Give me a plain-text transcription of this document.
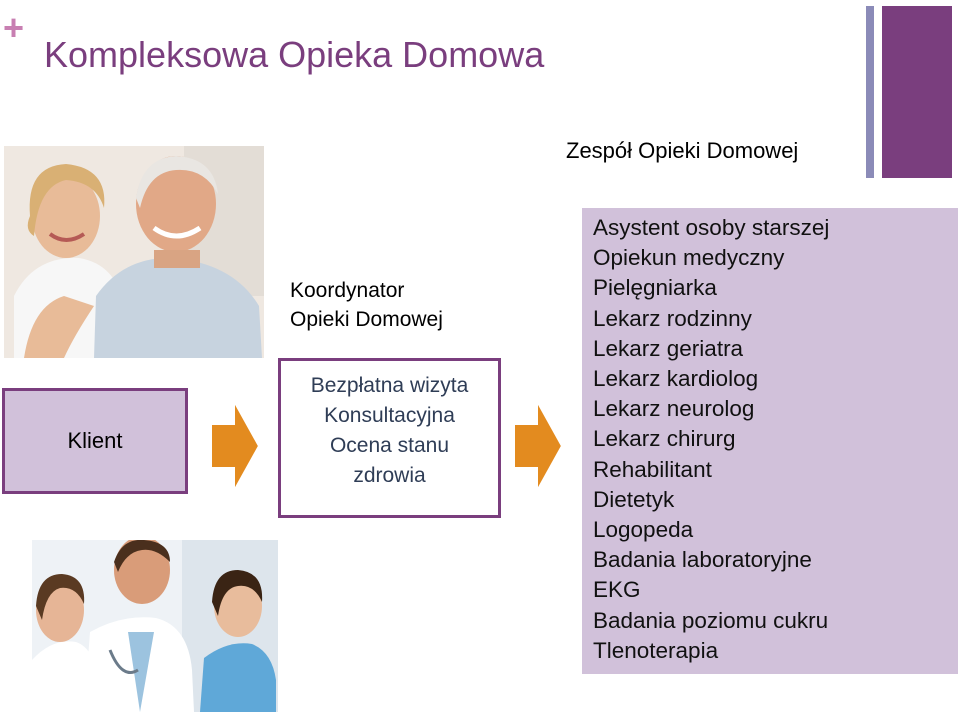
+
Kompleksowa Opieka Domowa
Zespół Opieki Domowej
Klient
Koordynator
Opieki Domowej
Bezpłatna wizyta
Konsultacyjna
Ocena stanu
zdrowia
Asystent osoby starszej
Opiekun medyczny
Pielęgniarka
Lekarz rodzinny
Lekarz geriatra
Lekarz kardiolog
Lekarz neurolog
Lekarz chirurg
Rehabilitant
Dietetyk
Logopeda
Badania laboratoryjne
EKG
Badania poziomu cukru
Tlenoterapia
